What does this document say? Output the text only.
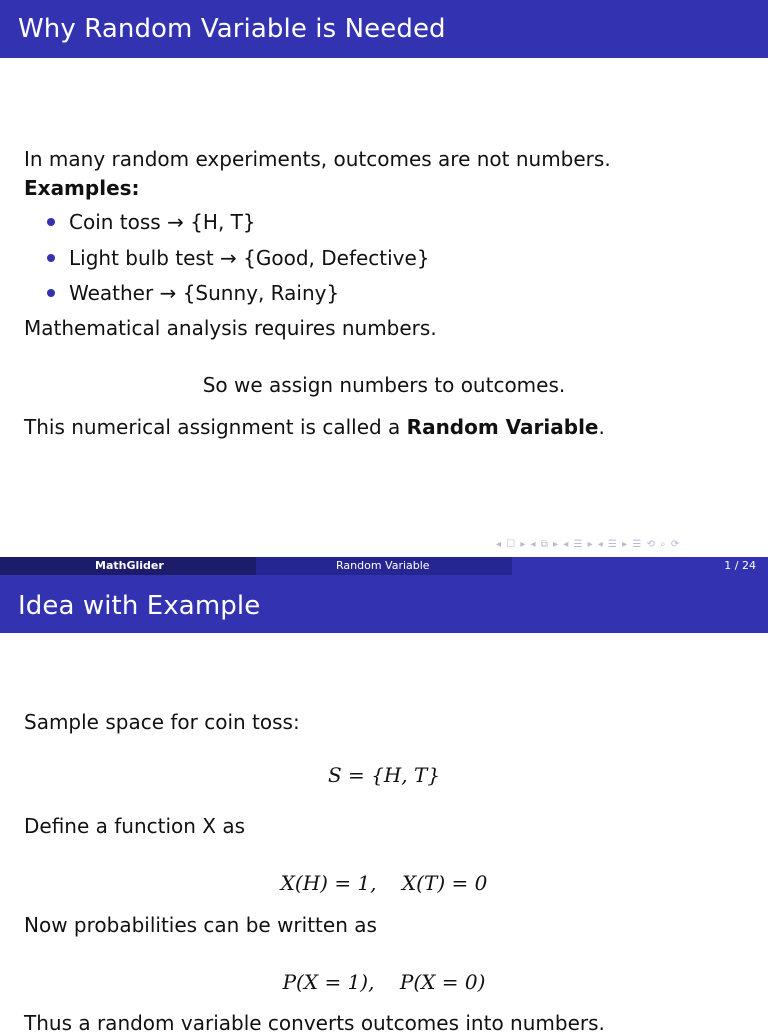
Why Random Variable is Needed
In many random experiments, outcomes are not numbers.
Examples:
Coin toss → {H, T}
Light bulb test → {Good, Defective}
Weather → {Sunny, Rainy}
Mathematical analysis requires numbers.
So we assign numbers to outcomes.
This numerical assignment is called a Random Variable.
◂ ☐ ▸ ◂ ⧉ ▸ ◂ ☰ ▸ ◂ ☰ ▸ ☰ ⟲ ⌕ ⟳
MathGlider	Random Variable	1 / 24
Idea with Example
Sample space for coin toss:
S = {H, T}
Define a function X as
X(H) = 1,    X(T) = 0
Now probabilities can be written as
P(X = 1),    P(X = 0)
Thus a random variable converts outcomes into numbers.
